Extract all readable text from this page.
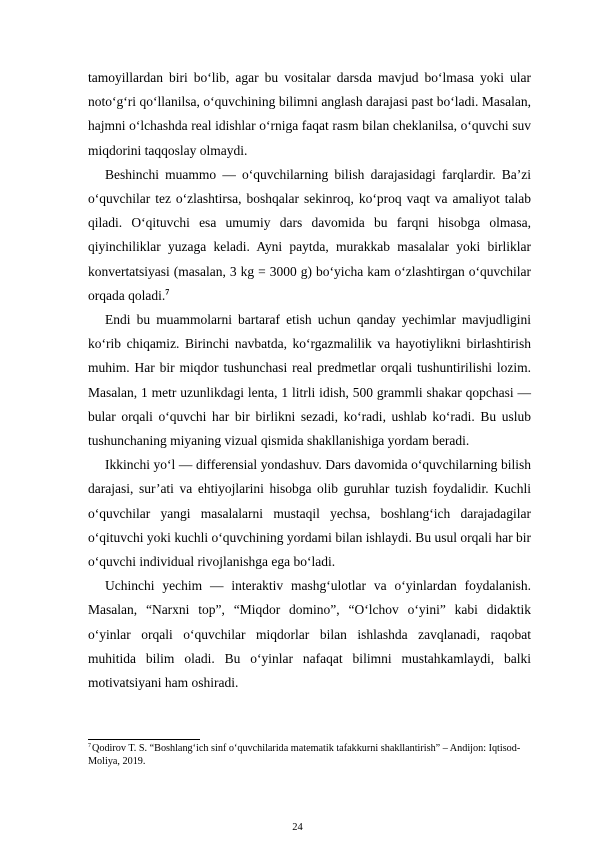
tamoyillardan biri bo‘lib, agar bu vositalar darsda mavjud bo‘lmasa yoki ular noto‘g‘ri qo‘llanilsa, o‘quvchining bilimni anglash darajasi past bo‘ladi. Masalan, hajmni o‘lchashda real idishlar o‘rniga faqat rasm bilan cheklanilsa, o‘quvchi suv miqdorini taqqoslay olmaydi.

Beshinchi muammo — o‘quvchilarning bilish darajasidagi farqlardir. Ba’zi o‘quvchilar tez o‘zlashtirsa, boshqalar sekinroq, ko‘proq vaqt va amaliyot talab qiladi. O‘qituvchi esa umumiy dars davomida bu farqni hisobga olmasa, qiyinchiliklar yuzaga keladi. Ayni paytda, murakkab masalalar yoki birliklar konvertatsiyasi (masalan, 3 kg = 3000 g) bo‘yicha kam o‘zlashtirgan o‘quvchilar orqada qoladi.$^7$

Endi bu muammolarni bartaraf etish uchun qanday yechimlar mavjudligini ko‘rib chiqamiz. Birinchi navbatda, ko‘rgazmalilik va hayotiylikni birlashtirish muhim. Har bir miqdor tushunchasi real predmetlar orqali tushuntirilishi lozim. Masalan, 1 metr uzunlikdagi lenta, 1 litrli idish, 500 grammli shakar qopchasi — bular orqali o‘quvchi har bir birlikni sezadi, ko‘radi, ushlab ko‘radi. Bu uslub tushunchaning miyaning vizual qismida shakllanishiga yordam beradi.

Ikkinchi yo‘l — differensial yondashuv. Dars davomida o‘quvchilarning bilish darajasi, sur’ati va ehtiyojlarini hisobga olib guruhlar tuzish foydalidir. Kuchli o‘quvchilar yangi masalalarni mustaqil yechsa, boshlang‘ich darajadagilar o‘qituvchi yoki kuchli o‘quvchining yordami bilan ishlaydi. Bu usul orqali har bir o‘quvchi individual rivojlanishga ega bo‘ladi.

Uchinchi yechim — interaktiv mashg‘ulotlar va o‘yinlardan foydalanish. Masalan, “Narxni top”, “Miqdor domino”, “O‘lchov o‘yini” kabi didaktik o‘yinlar orqali o‘quvchilar miqdorlar bilan ishlashda zavqlanadi, raqobat muhitida bilim oladi. Bu o‘yinlar nafaqat bilimni mustahkamlaydi, balki motivatsiyani ham oshiradi.

$^7$Qodirov T. S. “Boshlang‘ich sinf o‘quvchilarida matematik tafakkurni shakllantirish” – Andijon: Iqtisod-Moliya, 2019.
24
